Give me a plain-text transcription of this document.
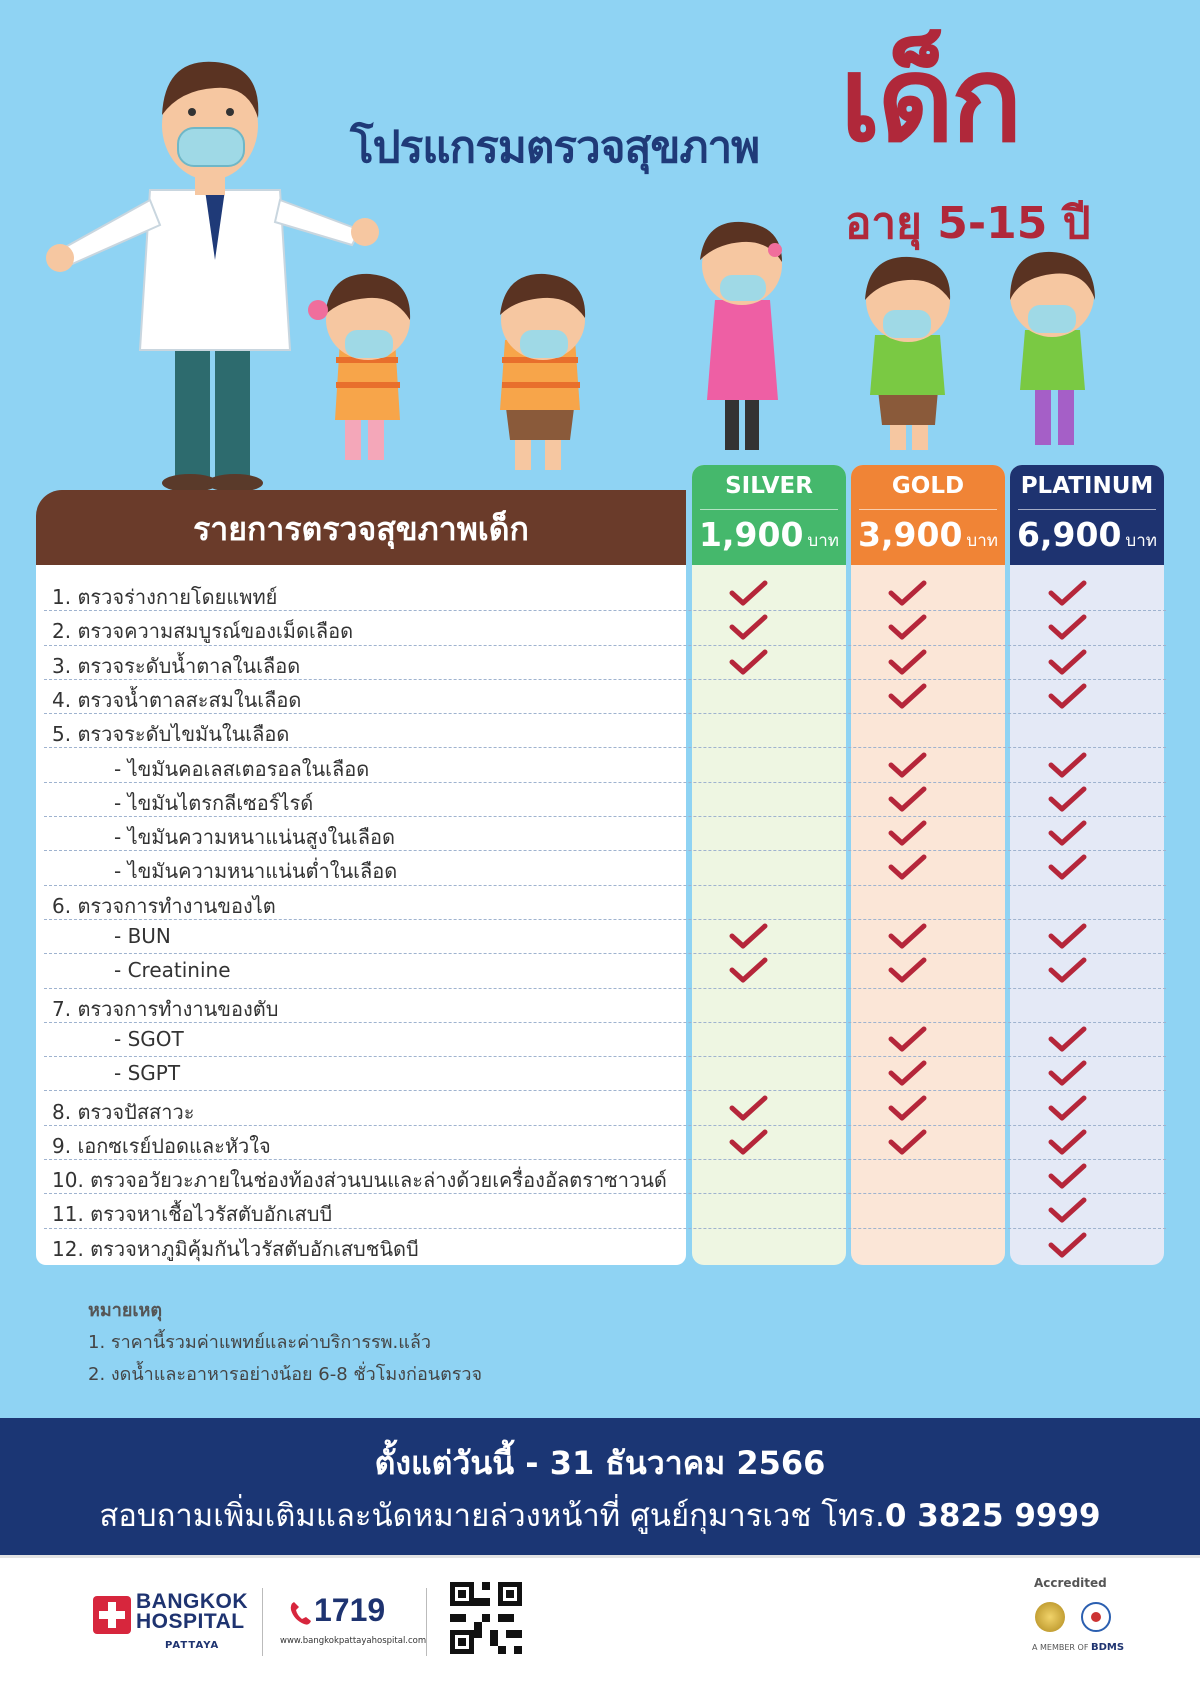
โปรแกรมตรวจสุขภาพ เด็ก
อายุ 5-15 ปี
รายการตรวจสุขภาพเด็ก
SILVER
1,900 บาท
GOLD
3,900 บาท
PLATINUM
6,900 บาท
1. ตรวจร่างกายโดยแพทย์
2. ตรวจความสมบูรณ์ของเม็ดเลือด
3. ตรวจระดับน้ำตาลในเลือด
4. ตรวจน้ำตาลสะสมในเลือด
5. ตรวจระดับไขมันในเลือด
- ไขมันคอเลสเตอรอลในเลือด
- ไขมันไตรกลีเซอร์ไรด์
- ไขมันความหนาแน่นสูงในเลือด
- ไขมันความหนาแน่นต่ำในเลือด
6. ตรวจการทำงานของไต
- BUN
- Creatinine
7. ตรวจการทำงานของตับ
- SGOT
- SGPT
8. ตรวจปัสสาวะ
9. เอกซเรย์ปอดและหัวใจ
10. ตรวจอวัยวะภายในช่องท้องส่วนบนและล่างด้วยเครื่องอัลตราซาวนด์
11. ตรวจหาเชื้อไวรัสตับอักเสบบี
12. ตรวจหาภูมิคุ้มกันไวรัสตับอักเสบชนิดบี
หมายเหตุ
1. ราคานี้รวมค่าแพทย์และค่าบริการรพ.แล้ว
2. งดน้ำและอาหารอย่างน้อย 6-8 ชั่วโมงก่อนตรวจ
ตั้งแต่วันนี้ - 31 ธันวาคม 2566
สอบถามเพิ่มเติมและนัดหมายล่วงหน้าที่ ศูนย์กุมารเวช โทร.0 3825 9999
BANGKOK
HOSPITAL
PATTAYA
1719
www.bangkokpattayahospital.com
Accredited
A MEMBER OF BDMS
